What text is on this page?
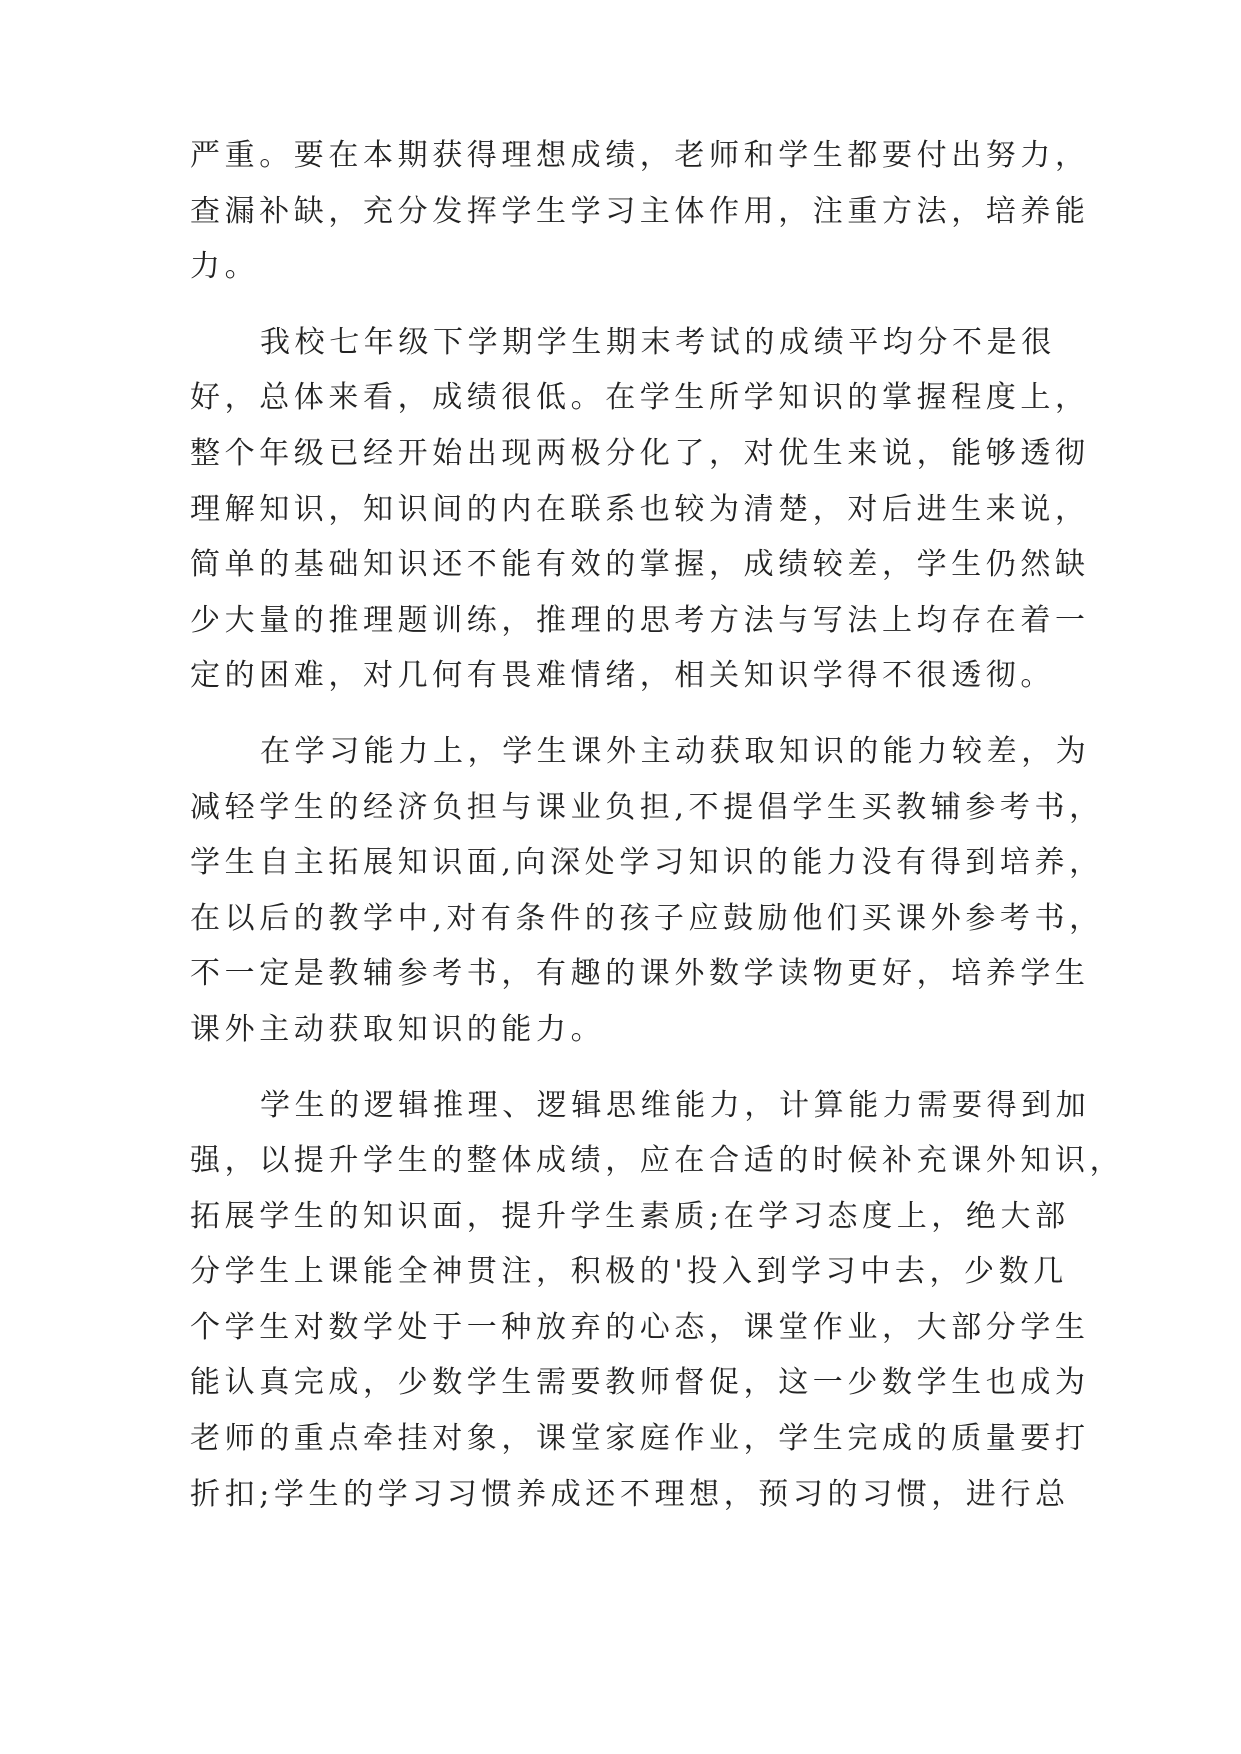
严重。要在本期获得理想成绩，老师和学生都要付出努力，
查漏补缺，充分发挥学生学习主体作用，注重方法，培养能
力。
我校七年级下学期学生期末考试的成绩平均分不是很
好，总体来看，成绩很低。在学生所学知识的掌握程度上，
整个年级已经开始出现两极分化了，对优生来说，能够透彻
理解知识，知识间的内在联系也较为清楚，对后进生来说，
简单的基础知识还不能有效的掌握，成绩较差，学生仍然缺
少大量的推理题训练，推理的思考方法与写法上均存在着一
定的困难，对几何有畏难情绪，相关知识学得不很透彻。
在学习能力上，学生课外主动获取知识的能力较差，为
减轻学生的经济负担与课业负担,不提倡学生买教辅参考书，
学生自主拓展知识面,向深处学习知识的能力没有得到培养，
在以后的教学中,对有条件的孩子应鼓励他们买课外参考书，
不一定是教辅参考书，有趣的课外数学读物更好，培养学生
课外主动获取知识的能力。
学生的逻辑推理、逻辑思维能力，计算能力需要得到加
强，以提升学生的整体成绩，应在合适的时候补充课外知识，
拓展学生的知识面，提升学生素质;在学习态度上，绝大部
分学生上课能全神贯注，积极的'投入到学习中去，少数几
个学生对数学处于一种放弃的心态，课堂作业，大部分学生
能认真完成，少数学生需要教师督促，这一少数学生也成为
老师的重点牵挂对象，课堂家庭作业，学生完成的质量要打
折扣;学生的学习习惯养成还不理想，预习的习惯，进行总
